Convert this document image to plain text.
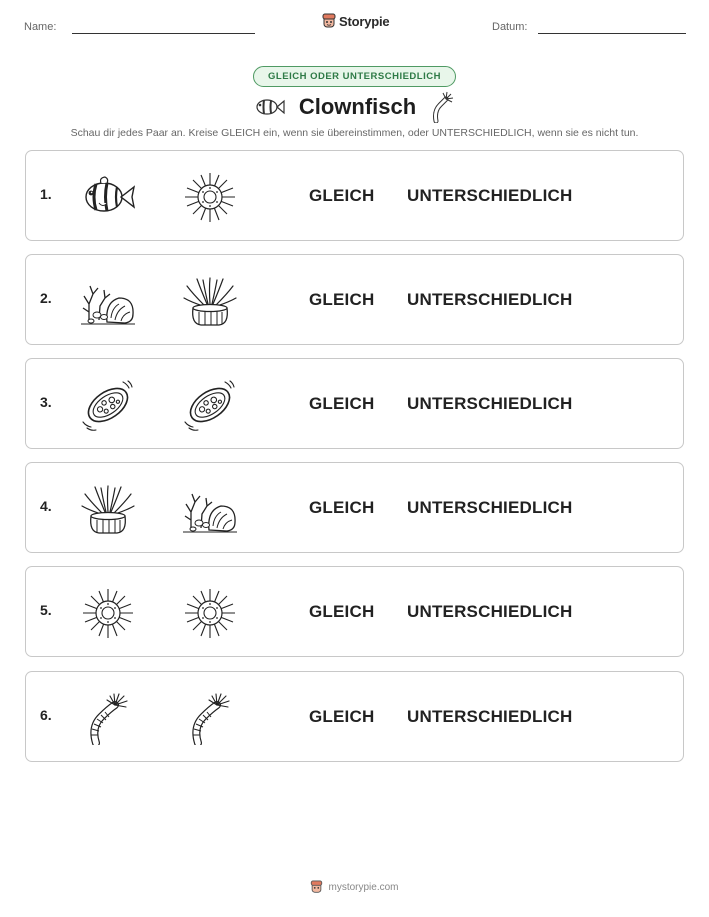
Name:	Storypie	Datum:
GLEICH ODER UNTERSCHIEDLICH
Clownfisch
Schau dir jedes Paar an. Kreise GLEICH ein, wenn sie übereinstimmen, oder UNTERSCHIEDLICH, wenn sie es nicht tun.
1.	GLEICH UNTERSCHIEDLICH
2.	GLEICH UNTERSCHIEDLICH
3.	GLEICH UNTERSCHIEDLICH
4.	GLEICH UNTERSCHIEDLICH
5.	GLEICH UNTERSCHIEDLICH
6.	GLEICH UNTERSCHIEDLICH
mystorypie.com
